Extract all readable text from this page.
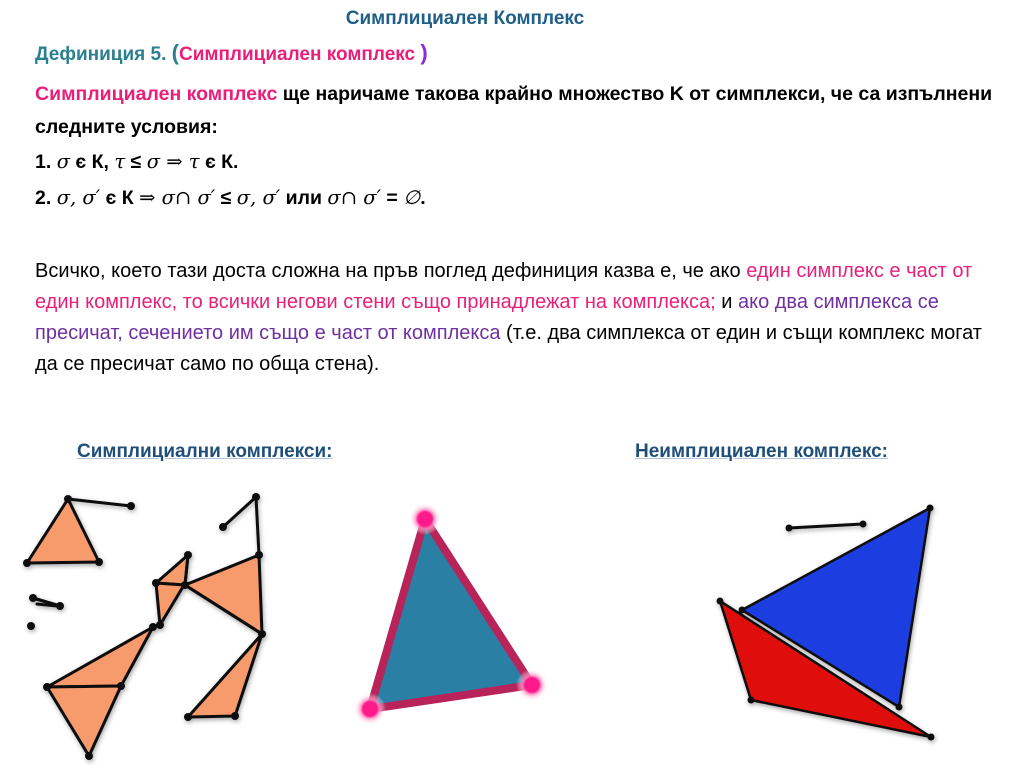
Симплициален Комплекс
Дефиниция 5. (Симплициален комплекс )
Симплициален комплекс ще наричаме такова крайно множество K от симплекси, че са изпълнени следните условия:
1. σ є К, τ ≤ σ ⇒ τ є К.
2. σ, σ′ є К ⇒ σ∩ σ′ ≤ σ, σ′ или σ∩ σ′ = ∅.
Всичко, което тази доста сложна на пръв поглед дефиниция казва е, че ако един симплекс е част от един комплекс, то всички негови стени също принадлежат на комплекса; и ако два симплекса се пресичат, сечението им също е част от комплекса (т.е. два симплекса от един и същи комплекс могат да се пресичат само по обща стена).
Симплициални комплекси:	Неимплициален комплекс:
